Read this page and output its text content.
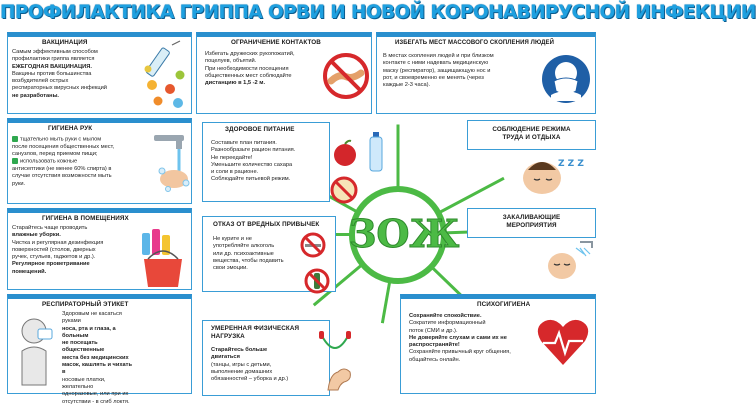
ПРОФИЛАКТИКА ГРИППА ОРВИ И НОВОЙ КОРОНАВИРУСНОЙ ИНФЕКЦИИ
ЗОЖ
ВАКЦИНАЦИЯ
Самым эффективным способом
профилактики гриппа является
ЕЖЕГОДНАЯ ВАКЦИНАЦИЯ.
Вакцины против большинства
возбудителей острых
респираторных вирусных инфекций
не разработаны.
ОГРАНИЧЕНИЕ КОНТАКТОВ
Избегать дружеских рукопожатий,
поцелуев, объятий.
При необходимости посещения
общественных мест соблюдайте
дистанцию в 1,5 -2 м.
ИЗБЕГАТЬ МЕСТ МАССОВОГО СКОПЛЕНИЯ ЛЮДЕЙ
В местах скопления людей и при близком
контакте с ними надевать медицинскую
маску (респиратор), защищающую нос и
рот, и своевременно ее менять (через
каждые 2-3 часа).
ГИГИЕНА РУК
тщательно мыть руки с мылом
после посещения общественных мест,
санузлов, перед приемом пищи;
использовать кожные
антисептики (не менее 60% спирта) в
случае отсутствия возможности мыть
руки.
ЗДОРОВОЕ ПИТАНИЕ
Составьте план питания.
Разнообразьте рацион питания.
Не переедайте!
Уменьшите количество сахара
и соли в рационе.
Соблюдайте питьевой режим.
СОБЛЮДЕНИЕ РЕЖИМА
ТРУДА И ОТДЫХА
Z Z Z
ГИГИЕНА В ПОМЕЩЕНИЯХ
Старайтесь чаще проводить
влажные уборки.
Чистка и регулярная дезинфекция
поверхностей (столов, дверных
ручек, стульев, гаджетов и др.).
Регулярное проветривание
помещений.
ОТКАЗ ОТ ВРЕДНЫХ ПРИВЫЧЕК
Не курите и не
употребляйте алкоголь
или др. психоактивные
вещества, чтобы подавить
свои эмоции.
ЗАКАЛИВАЮЩИЕ
МЕРОПРИЯТИЯ
РЕСПИРАТОРНЫЙ ЭТИКЕТ
Здоровым не касаться руками
носа, рта и глаза, а больным
не посещать общественные
места без медицинских
масок, кашлять и чихать в
носовые платки, желательно
одноразовые, или при их
отсутствии - в сгиб локтя.
УМЕРЕННАЯ ФИЗИЧЕСКАЯ
НАГРУЗКА
Старайтесь больше двигаться
(танцы, игры с детьми,
выполнение домашних
обязанностей – уборка и др.)
ПСИХОГИГИЕНА
Сохраняйте спокойствие.
Сократите информационный
поток (СМИ и др.).
Не доверяйте слухам и сами их не
распространяйте!
Сохраняйте привычный круг общения,
общайтесь онлайн.
